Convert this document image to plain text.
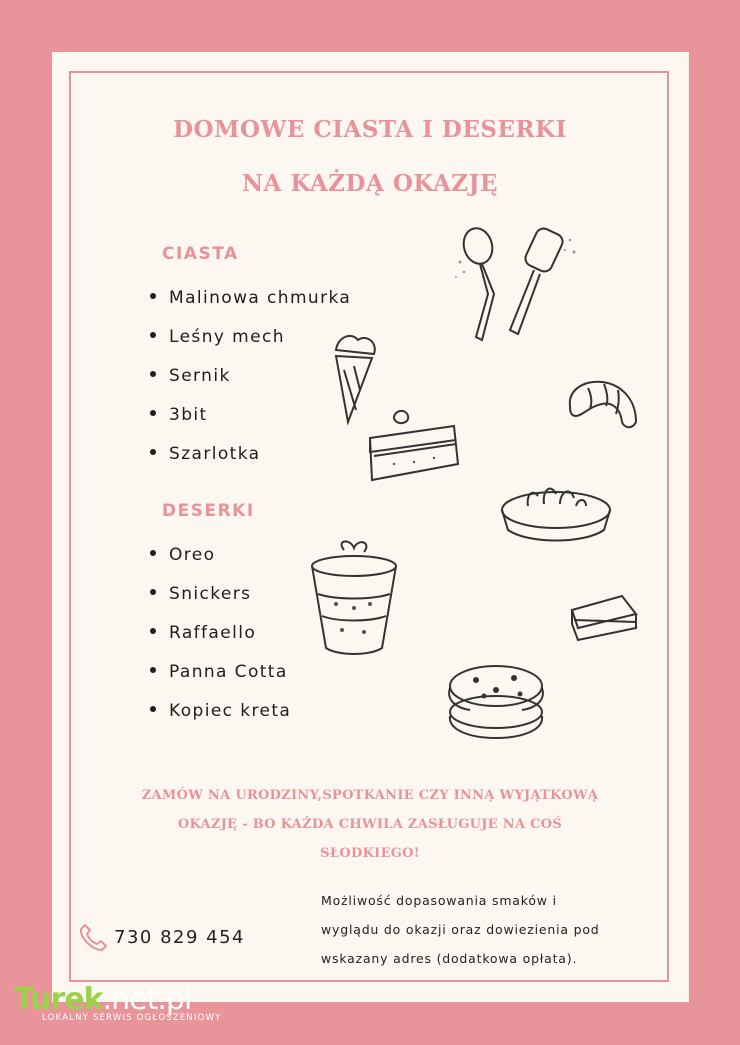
DOMOWE CIASTA I DESERKI
NA KAŻDĄ OKAZJĘ
CIASTA
Malinowa chmurka
Leśny mech
Sernik
3bit
Szarlotka
DESERKI
Oreo
Snickers
Raffaello
Panna Cotta
Kopiec kreta
ZAMÓW NA URODZINY,SPOTKANIE CZY INNĄ WYJĄTKOWĄ
OKAZJĘ - BO KAŻDA CHWILA ZASŁUGUJE NA COŚ
SŁODKIEGO!
Możliwość dopasowania smaków i
wyglądu do okazji oraz dowiezienia pod
wskazany adres (dodatkowa opłata).
730 829 454
Turek.net.pl
LOKALNY SERWIS OGŁOSZENIOWY
